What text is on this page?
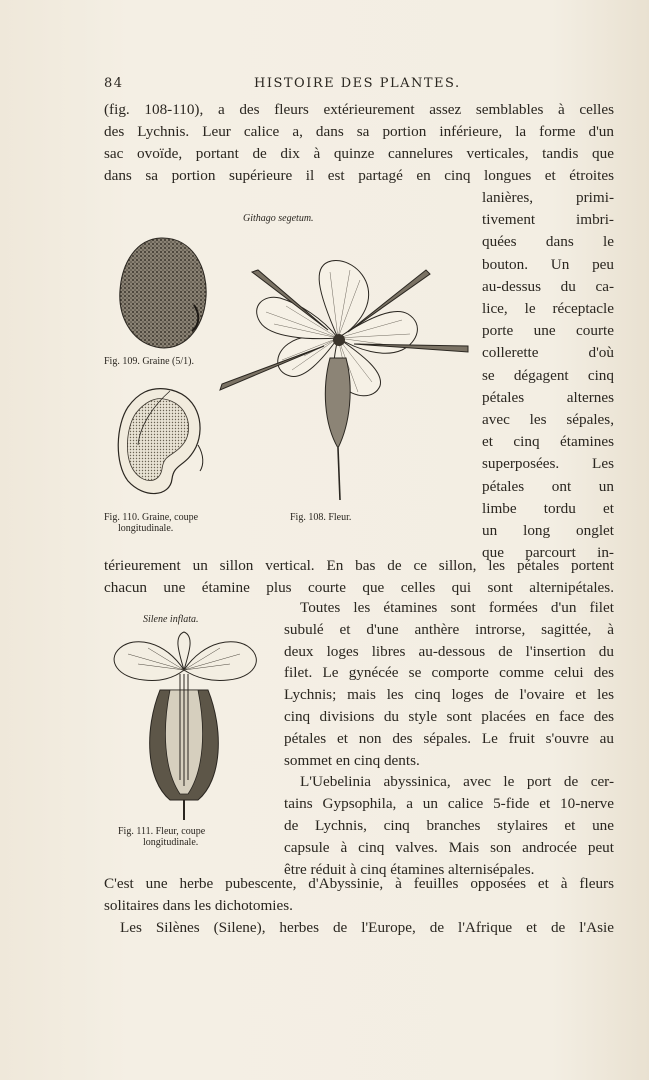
84	HISTOIRE DES PLANTES.
(fig. 108-110), a des fleurs extérieurement assez semblables à celles
des Lychnis. Leur calice a, dans sa portion inférieure, la forme d'un
sac ovoïde, portant de dix à quinze cannelures verticales, tandis que
dans sa portion supérieure il est partagé en cinq longues et étroites
lanières, primi-
tivement imbri-
quées dans le
bouton. Un peu
au-dessus du ca-
lice, le réceptacle
porte une courte
collerette d'où
se dégagent cinq
pétales alternes
avec les sépales,
et cinq étamines
superposées. Les
pétales ont un
limbe tordu et
un long onglet
que parcourt in-
térieurement un sillon vertical. En bas de ce sillon, les pétales portent
chacun une étamine plus courte que celles qui sont alternipétales.
Toutes les étamines sont formées d'un filet
subulé et d'une anthère introrse, sagittée, à
deux loges libres au-dessous de l'insertion du
filet. Le gynécée se comporte comme celui des
Lychnis; mais les cinq loges de l'ovaire et les
cinq divisions du style sont placées en face des
pétales et non des sépales. Le fruit s'ouvre au
sommet en cinq dents.
L'Uebelinia abyssinica, avec le port de cer-
tains Gypsophila, a un calice 5-fide et 10-nerve
de Lychnis, cinq branches stylaires et une
capsule à cinq valves. Mais son androcée peut
être réduit à cinq étamines alternisépales.
C'est une herbe pubescente, d'Abyssinie, à feuilles opposées et à fleurs
solitaires dans les dichotomies.
Les Silènes (Silene), herbes de l'Europe, de l'Afrique et de l'Asie
Githago segetum.
Fig. 109. Graine (5/1).
Fig. 110. Graine, coupe
longitudinale.
Fig. 108. Fleur.
Silene inflata.
Fig. 111. Fleur, coupe
longitudinale.
